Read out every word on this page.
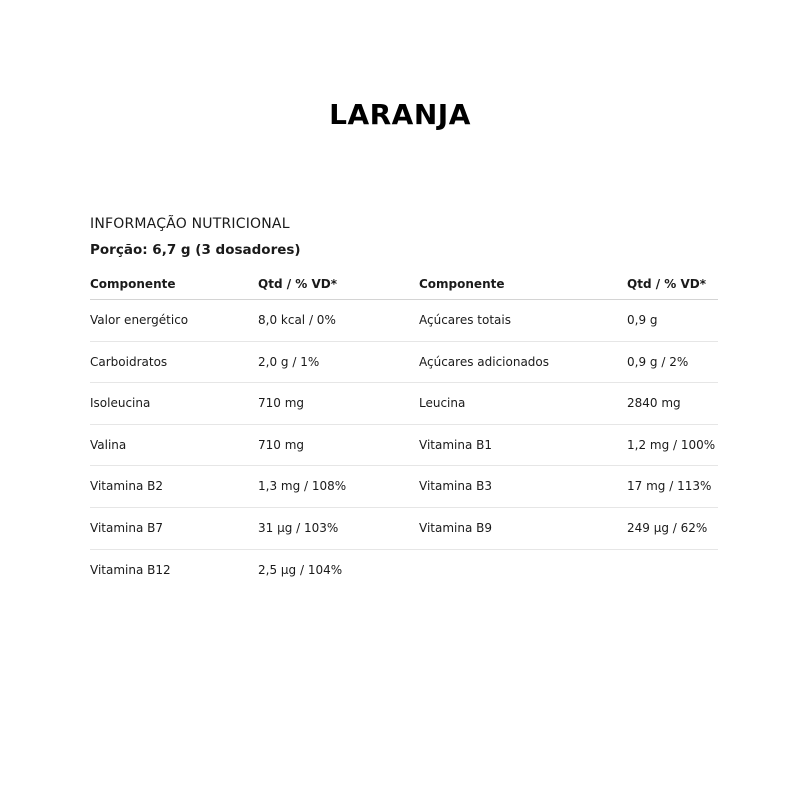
LARANJA
INFORMAÇÃO NUTRICIONAL
Porção: 6,7 g (3 dosadores)
Componente	Qtd / % VD*	Componente	Qtd / % VD*
Valor energético	8,0 kcal / 0%	Açúcares totais	0,9 g
Carboidratos	2,0 g / 1%	Açúcares adicionados	0,9 g / 2%
Isoleucina	710 mg	Leucina	2840 mg
Valina	710 mg	Vitamina B1	1,2 mg / 100%
Vitamina B2	1,3 mg / 108%	Vitamina B3	17 mg / 113%
Vitamina B7	31 µg / 103%	Vitamina B9	249 µg / 62%
Vitamina B12	2,5 µg / 104%
